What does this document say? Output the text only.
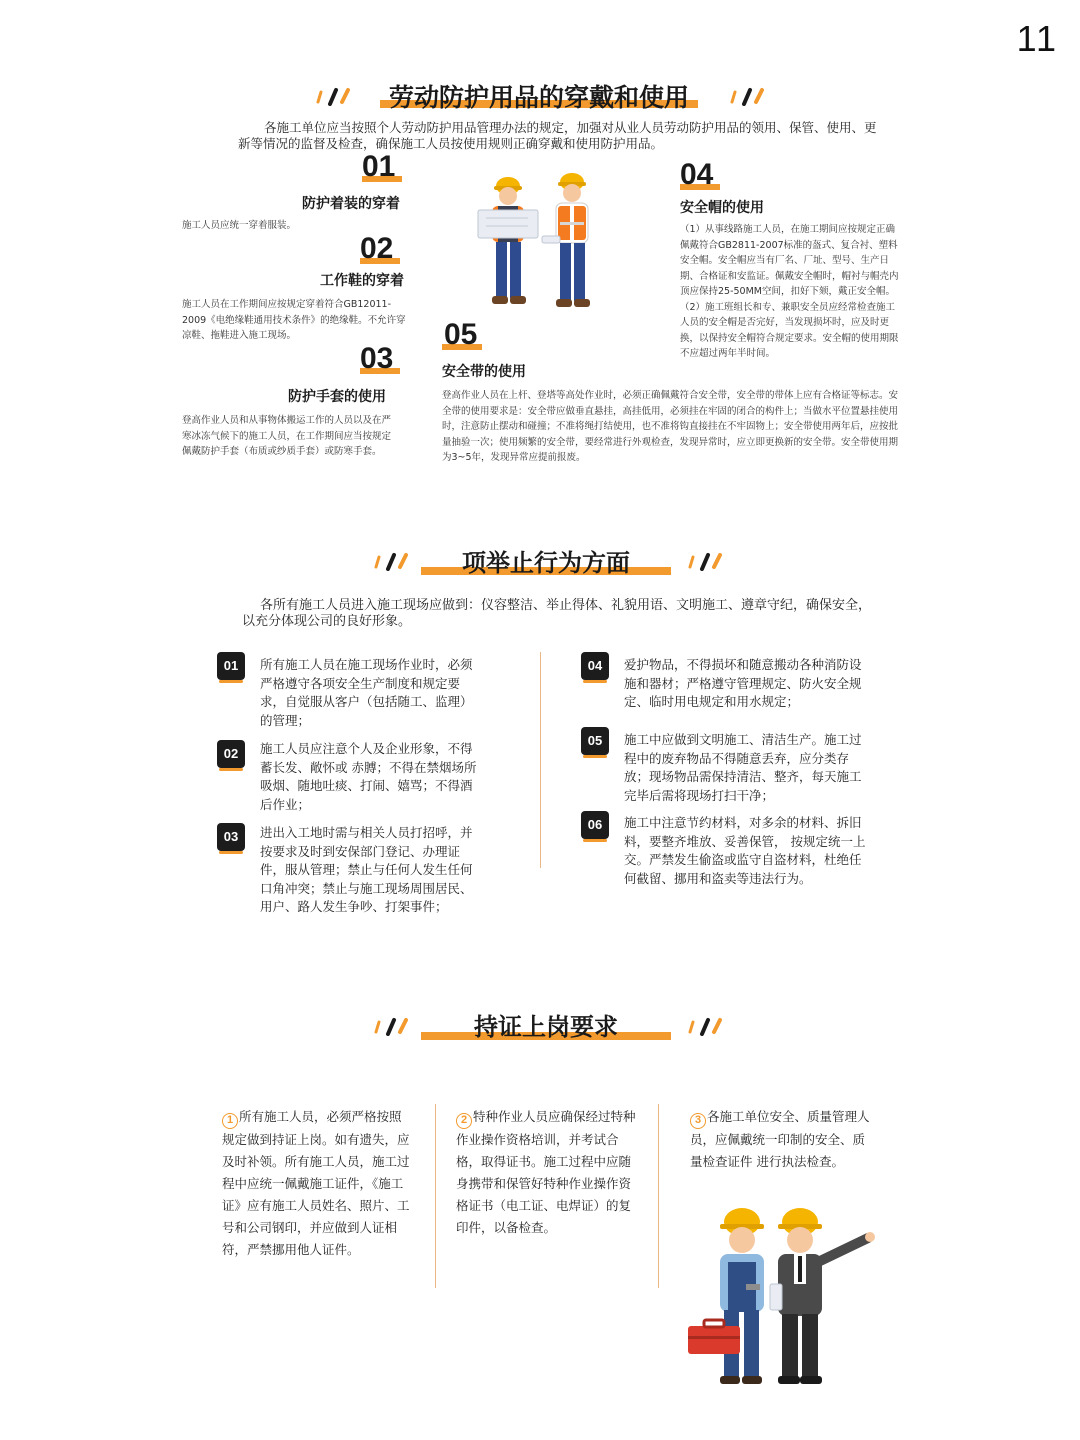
11
劳动防护用品的穿戴和使用
各施工单位应当按照个人劳动防护用品管理办法的规定，加强对从业人员劳动防护用品的领用、保管、使用、更新等情况的监督及检查，确保施工人员按使用规则正确穿戴和使用防护用品。
01
防护着装的穿着
施工人员应统一穿着服装。
02
工作鞋的穿着
施工人员在工作期间应按规定穿着符合GB12011-2009《电绝缘鞋通用技术条件》的绝缘鞋。不允许穿凉鞋、拖鞋进入施工现场。
03
防护手套的使用
登高作业人员和从事物体搬运工作的人员以及在严寒冰冻气候下的施工人员，在工作期间应当按规定佩戴防护手套（布质或纱质手套）或防寒手套。
04
安全帽的使用
（1）从事线路施工人员，在施工期间应按规定正确佩戴符合GB2811-2007标准的盔式、复合衬、塑料安全帽。安全帽应当有厂名、厂址、型号、生产日期、合格证和安监证。佩戴安全帽时，帽衬与帽壳内顶应保持25-50MM空间，扣好下颏，戴正安全帽。
（2）施工班组长和专、兼职安全员应经常检查施工人员的安全帽是否完好，当发现损坏时，应及时更换，以保持安全帽符合规定要求。安全帽的使用期限不应超过两年半时间。
05
安全带的使用
登高作业人员在上杆、登塔等高处作业时，必须正确佩戴符合安全带，安全带的带体上应有合格证等标志。安全带的使用要求是：安全带应做垂直悬挂，高挂低用，必须挂在牢固的闭合的构件上；当做水平位置悬挂使用时，注意防止摆动和碰撞；不准将绳打结使用，也不准将钩直接挂在不牢固物上；安全带使用两年后，应按批量抽验一次；使用频繁的安全带，要经常进行外观检查，发现异常时，应立即更换新的安全带。安全带使用期为3~5年，发现异常应提前报废。
项举止行为方面
各所有施工人员进入施工现场应做到：仪容整洁、举止得体、礼貌用语、文明施工、遵章守纪，确保安全，以充分体现公司的良好形象。
01	所有施工人员在施工现场作业时，必须严格遵守各项安全生产制度和规定要求，自觉服从客户（包括随工、监理）的管理；
02	施工人员应注意个人及企业形象，不得蓄长发、敞怀或 赤膊；不得在禁烟场所吸烟、随地吐痰、打闹、嬉骂；不得酒后作业；
03	进出入工地时需与相关人员打招呼，并按要求及时到安保部门登记、办理证件，服从管理；禁止与任何人发生任何口角冲突；禁止与施工现场周围居民、用户、路人发生争吵、打架事件；
04	爱护物品，不得损坏和随意搬动各种消防设施和器材；严格遵守管理规定、防火安全规定、临时用电规定和用水规定；
05	施工中应做到文明施工、清洁生产。施工过程中的废弃物品不得随意丢弃，应分类存放；现场物品需保持清洁、整齐，每天施工完毕后需将现场打扫干净；
06	施工中注意节约材料，对多余的材料、拆旧料，要整齐堆放、妥善保管， 按规定统一上交。严禁发生偷盗或监守自盗材料，杜绝任何截留、挪用和盗卖等违法行为。
持证上岗要求
1 所有施工人员，必须严格按照规定做到持证上岗。如有遗失，应及时补领。所有施工人员，施工过程中应统一佩戴施工证件，《施工证》应有施工人员姓名、照片、工号和公司钢印，并应做到人证相符，严禁挪用他人证件。
2 特种作业人员应确保经过特种作业操作资格培训，并考试合格，取得证书。施工过程中应随身携带和保管好特种作业操作资格证书（电工证、电焊证）的复印件，以备检查。
3 各施工单位安全、质量管理人员，应佩戴统一印制的安全、质量检查证件 进行执法检查。
